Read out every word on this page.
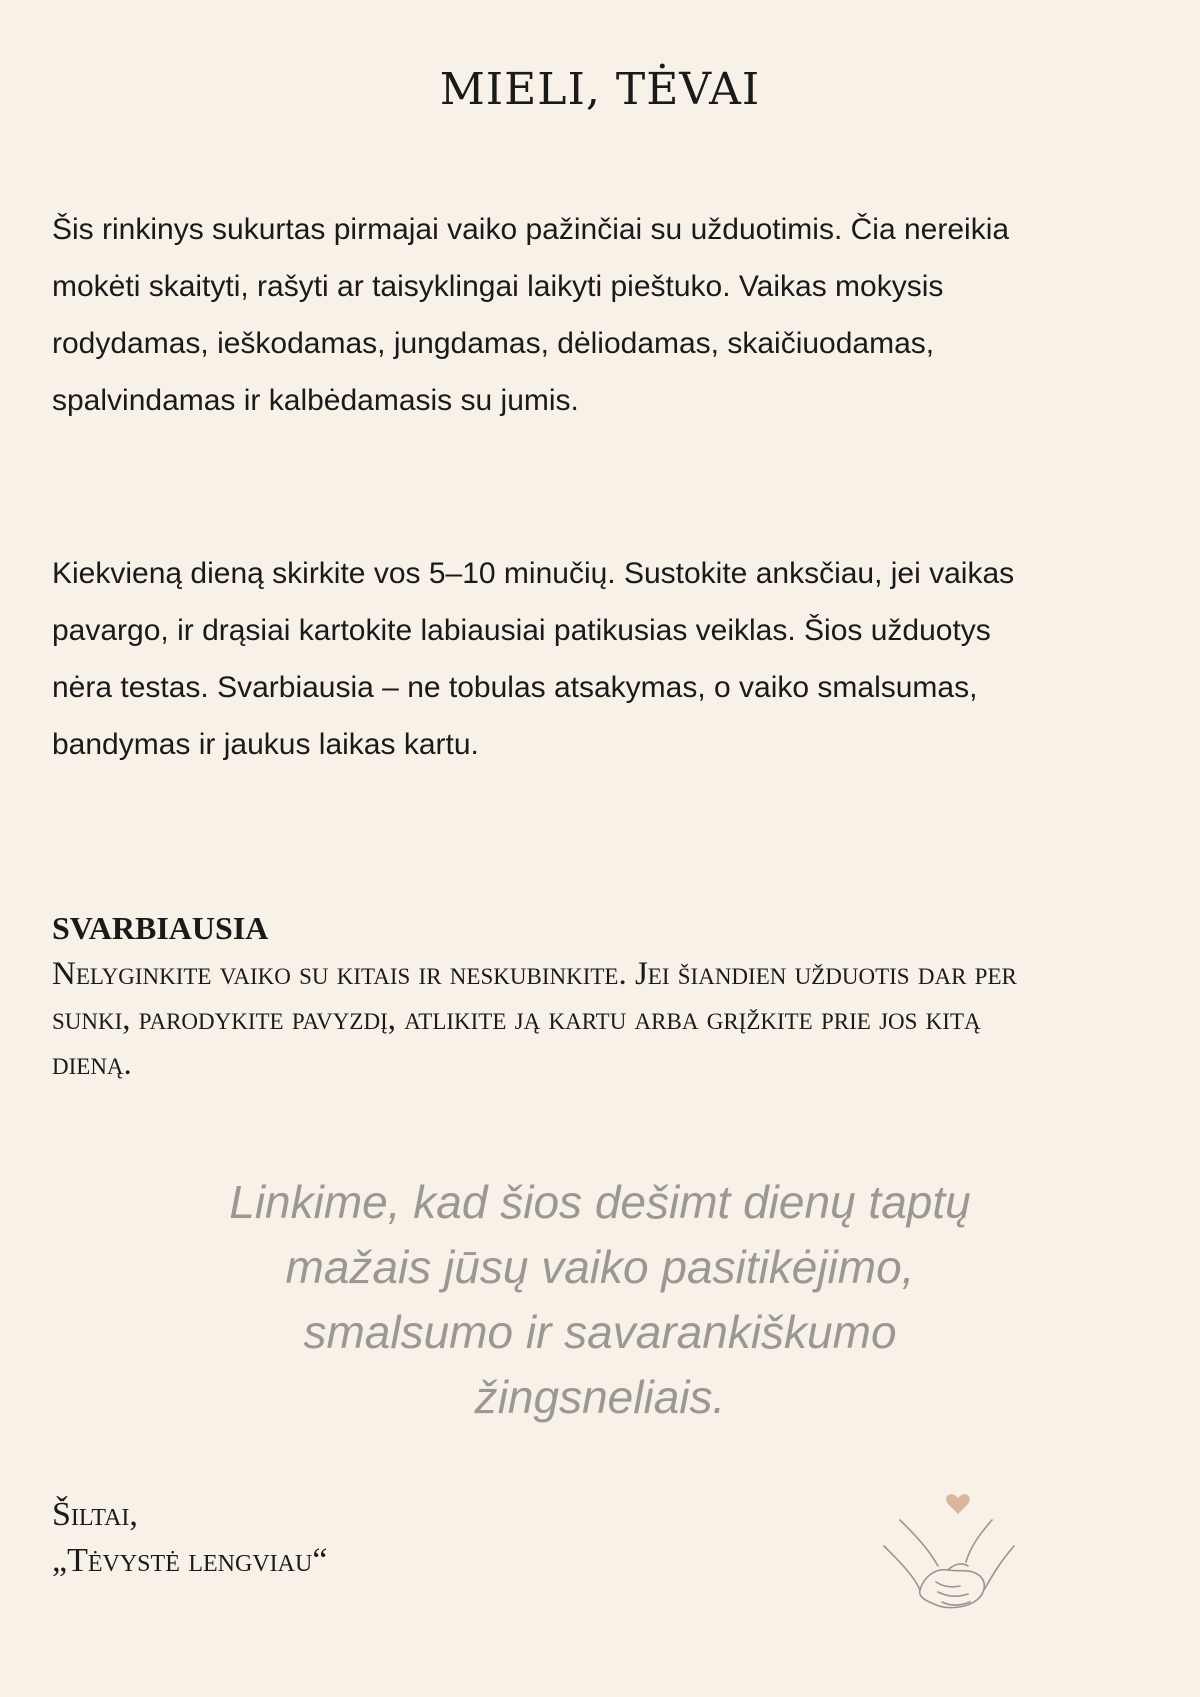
MIELI, TĖVAI

Šis rinkinys sukurtas pirmajai vaiko pažinčiai su užduotimis. Čia nereikia mokėti skaityti, rašyti ar taisyklingai laikyti pieštuko. Vaikas mokysis rodydamas, ieškodamas, jungdamas, dėliodamas, skaičiuodamas, spalvindamas ir kalbėdamasis su jumis.

Kiekvieną dieną skirkite vos 5–10 minučių. Sustokite anksčiau, jei vaikas pavargo, ir drąsiai kartokite labiausiai patikusias veiklas. Šios užduotys nėra testas. Svarbiausia – ne tobulas atsakymas, o vaiko smalsumas, bandymas ir jaukus laikas kartu.

SVARBIAUSIA

Nelyginkite vaiko su kitais ir neskubinkite. Jei šiandien užduotis dar per sunki, parodykite pavyzdį, atlikite ją kartu arba grįžkite prie jos kitą dieną.

Linkime, kad šios dešimt dienų taptų
mažais jūsų vaiko pasitikėjimo,
smalsumo ir savarankiškumo
žingsneliais.
Šiltai,
„Tėvystė lengviau“
